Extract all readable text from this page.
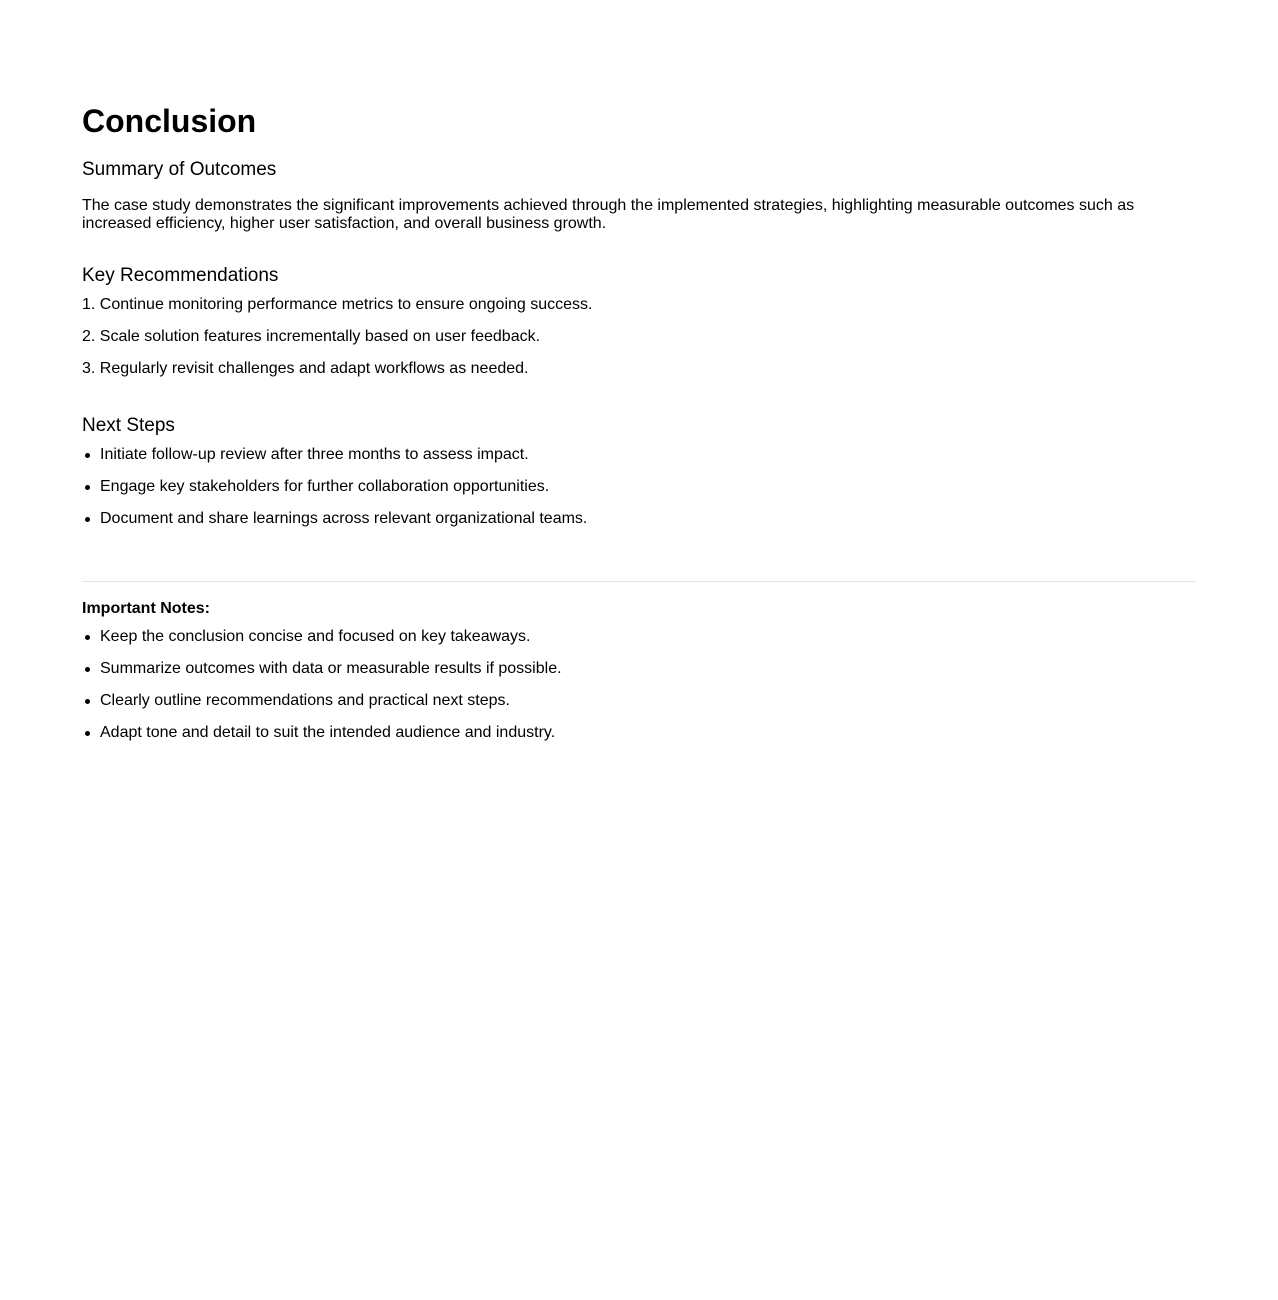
Conclusion
Summary of Outcomes

The case study demonstrates the significant improvements achieved through the implemented strategies, highlighting measurable outcomes such as increased efficiency, higher user satisfaction, and overall business growth.

Key Recommendations
1. Continue monitoring performance metrics to ensure ongoing success.
2. Scale solution features incrementally based on user feedback.
3. Regularly revisit challenges and adapt workflows as needed.
Next Steps
Initiate follow-up review after three months to assess impact.
Engage key stakeholders for further collaboration opportunities.
Document and share learnings across relevant organizational teams.

Important Notes:

Keep the conclusion concise and focused on key takeaways.
Summarize outcomes with data or measurable results if possible.
Clearly outline recommendations and practical next steps.
Adapt tone and detail to suit the intended audience and industry.
